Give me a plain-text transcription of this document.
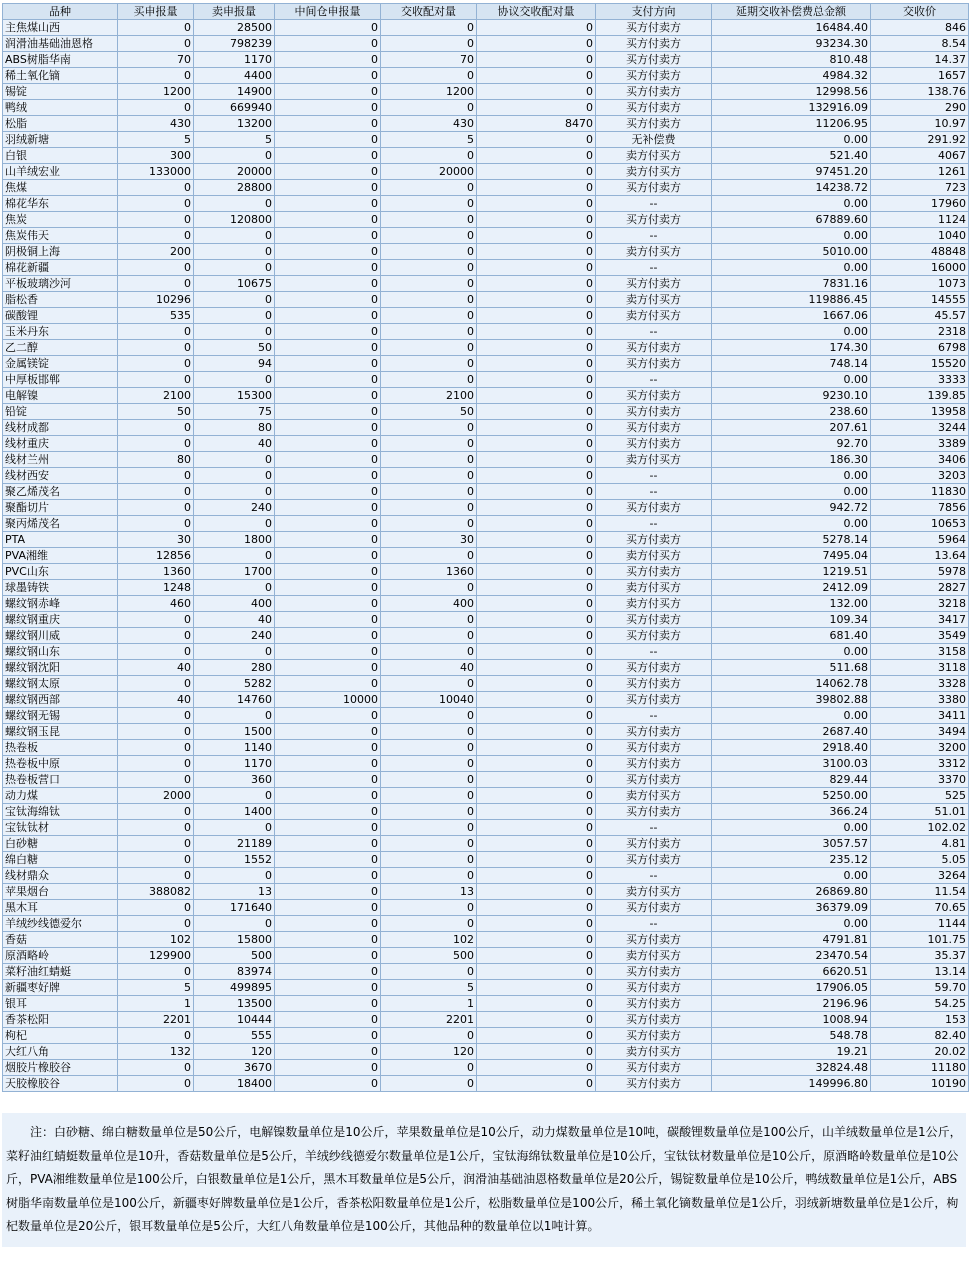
品种	买申报量	卖申报量	中间仓申报量	交收配对量	协议交收配对量	支付方向	延期交收补偿费总金额	交收价
主焦煤山西	0	28500	0	0	0	买方付卖方	16484.40	846
润滑油基础油恩格	0	798239	0	0	0	买方付卖方	93234.30	8.54
ABS树脂华南	70	1170	0	70	0	买方付卖方	810.48	14.37
稀土氧化镝	0	4400	0	0	0	买方付卖方	4984.32	1657
锡锭	1200	14900	0	1200	0	买方付卖方	12998.56	138.76
鸭绒	0	669940	0	0	0	买方付卖方	132916.09	290
松脂	430	13200	0	430	8470	买方付卖方	11206.95	10.97
羽绒新塘	5	5	0	5	0	无补偿费	0.00	291.92
白银	300	0	0	0	0	卖方付买方	521.40	4067
山羊绒宏业	133000	20000	0	20000	0	卖方付买方	97451.20	1261
焦煤	0	28800	0	0	0	买方付卖方	14238.72	723
棉花华东	0	0	0	0	0	--	0.00	17960
焦炭	0	120800	0	0	0	买方付卖方	67889.60	1124
焦炭伟天	0	0	0	0	0	--	0.00	1040
阴极铜上海	200	0	0	0	0	卖方付买方	5010.00	48848
棉花新疆	0	0	0	0	0	--	0.00	16000
平板玻璃沙河	0	10675	0	0	0	买方付卖方	7831.16	1073
脂松香	10296	0	0	0	0	卖方付买方	119886.45	14555
碳酸锂	535	0	0	0	0	卖方付买方	1667.06	45.57
玉米丹东	0	0	0	0	0	--	0.00	2318
乙二醇	0	50	0	0	0	买方付卖方	174.30	6798
金属镁锭	0	94	0	0	0	买方付卖方	748.14	15520
中厚板邯郸	0	0	0	0	0	--	0.00	3333
电解镍	2100	15300	0	2100	0	买方付卖方	9230.10	139.85
铅锭	50	75	0	50	0	买方付卖方	238.60	13958
线材成都	0	80	0	0	0	买方付卖方	207.61	3244
线材重庆	0	40	0	0	0	买方付卖方	92.70	3389
线材兰州	80	0	0	0	0	卖方付买方	186.30	3406
线材西安	0	0	0	0	0	--	0.00	3203
聚乙烯茂名	0	0	0	0	0	--	0.00	11830
聚酯切片	0	240	0	0	0	买方付卖方	942.72	7856
聚丙烯茂名	0	0	0	0	0	--	0.00	10653
PTA	30	1800	0	30	0	买方付卖方	5278.14	5964
PVA湘维	12856	0	0	0	0	卖方付买方	7495.04	13.64
PVC山东	1360	1700	0	1360	0	买方付卖方	1219.51	5978
球墨铸铁	1248	0	0	0	0	卖方付买方	2412.09	2827
螺纹钢赤峰	460	400	0	400	0	卖方付买方	132.00	3218
螺纹钢重庆	0	40	0	0	0	买方付卖方	109.34	3417
螺纹钢川威	0	240	0	0	0	买方付卖方	681.40	3549
螺纹钢山东	0	0	0	0	0	--	0.00	3158
螺纹钢沈阳	40	280	0	40	0	买方付卖方	511.68	3118
螺纹钢太原	0	5282	0	0	0	买方付卖方	14062.78	3328
螺纹钢西部	40	14760	10000	10040	0	买方付卖方	39802.88	3380
螺纹钢无锡	0	0	0	0	0	--	0.00	3411
螺纹钢玉昆	0	1500	0	0	0	买方付卖方	2687.40	3494
热卷板	0	1140	0	0	0	买方付卖方	2918.40	3200
热卷板中原	0	1170	0	0	0	买方付卖方	3100.03	3312
热卷板营口	0	360	0	0	0	买方付卖方	829.44	3370
动力煤	2000	0	0	0	0	卖方付买方	5250.00	525
宝钛海绵钛	0	1400	0	0	0	买方付卖方	366.24	51.01
宝钛钛材	0	0	0	0	0	--	0.00	102.02
白砂糖	0	21189	0	0	0	买方付卖方	3057.57	4.81
绵白糖	0	1552	0	0	0	买方付卖方	235.12	5.05
线材鼎众	0	0	0	0	0	--	0.00	3264
苹果烟台	388082	13	0	13	0	卖方付买方	26869.80	11.54
黑木耳	0	171640	0	0	0	买方付卖方	36379.09	70.65
羊绒纱线德爱尔	0	0	0	0	0	--	0.00	1144
香菇	102	15800	0	102	0	买方付卖方	4791.81	101.75
原酒略岭	129900	500	0	500	0	卖方付买方	23470.54	35.37
菜籽油红蜻蜓	0	83974	0	0	0	买方付卖方	6620.51	13.14
新疆枣好牌	5	499895	0	5	0	买方付卖方	17906.05	59.70
银耳	1	13500	0	1	0	买方付卖方	2196.96	54.25
香茶松阳	2201	10444	0	2201	0	买方付卖方	1008.94	153
枸杞	0	555	0	0	0	买方付卖方	548.78	82.40
大红八角	132	120	0	120	0	卖方付买方	19.21	20.02
烟胶片橡胶谷	0	3670	0	0	0	买方付卖方	32824.48	11180
天胶橡胶谷	0	18400	0	0	0	买方付卖方	149996.80	10190
注：白砂糖、绵白糖数量单位是50公斤，电解镍数量单位是10公斤，苹果数量单位是10公斤，动力煤数量单位是10吨，碳酸锂数量单位是100公斤，山羊绒数量单位是1公斤，菜籽油红蜻蜓数量单位是10升，香菇数量单位是5公斤，羊绒纱线德爱尔数量单位是1公斤，宝钛海绵钛数量单位是10公斤，宝钛钛材数量单位是10公斤，原酒略岭数量单位是10公斤，PVA湘维数量单位是100公斤，白银数量单位是1公斤，黑木耳数量单位是5公斤，润滑油基础油恩格数量单位是20公斤，锡锭数量单位是10公斤，鸭绒数量单位是1公斤，ABS树脂华南数量单位是100公斤，新疆枣好牌数量单位是1公斤，香茶松阳数量单位是1公斤，松脂数量单位是100公斤，稀土氧化镝数量单位是1公斤，羽绒新塘数量单位是1公斤，枸杞数量单位是20公斤，银耳数量单位是5公斤，大红八角数量单位是100公斤，其他品种的数量单位以1吨计算。
